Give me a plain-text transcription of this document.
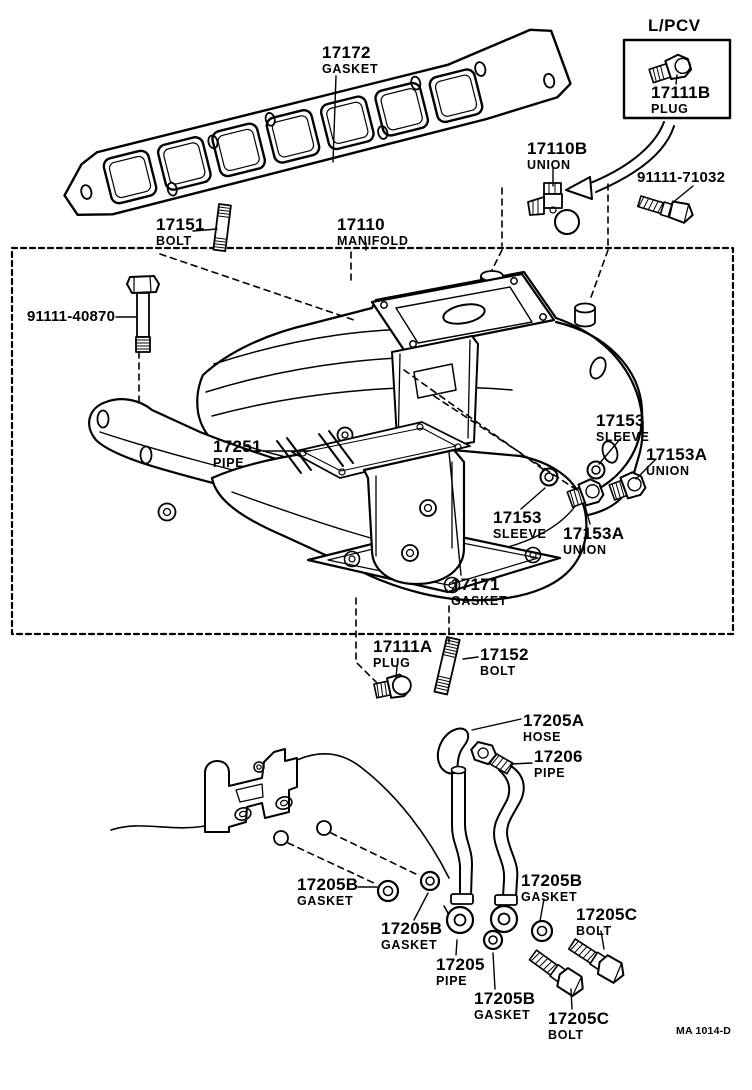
L/PCV
17111B
PLUG
17172
GASKET
17110B
UNION
91111-71032
17151
BOLT
17110
MANIFOLD
91111-40870
17251
PIPE
17153
SLEEVE
17153A
UNION
17153
SLEEVE 17153A
UNION
17171
GASKET
17111A
PLUG	17152
BOLT
17205A
HOSE
17206
PIPE
17205B
GASKET
17205B
GASKET
17205B
GASKET
17205C
BOLT
17205
PIPE
17205B
GASKET 17205C
BOLT	MA 1014-D
